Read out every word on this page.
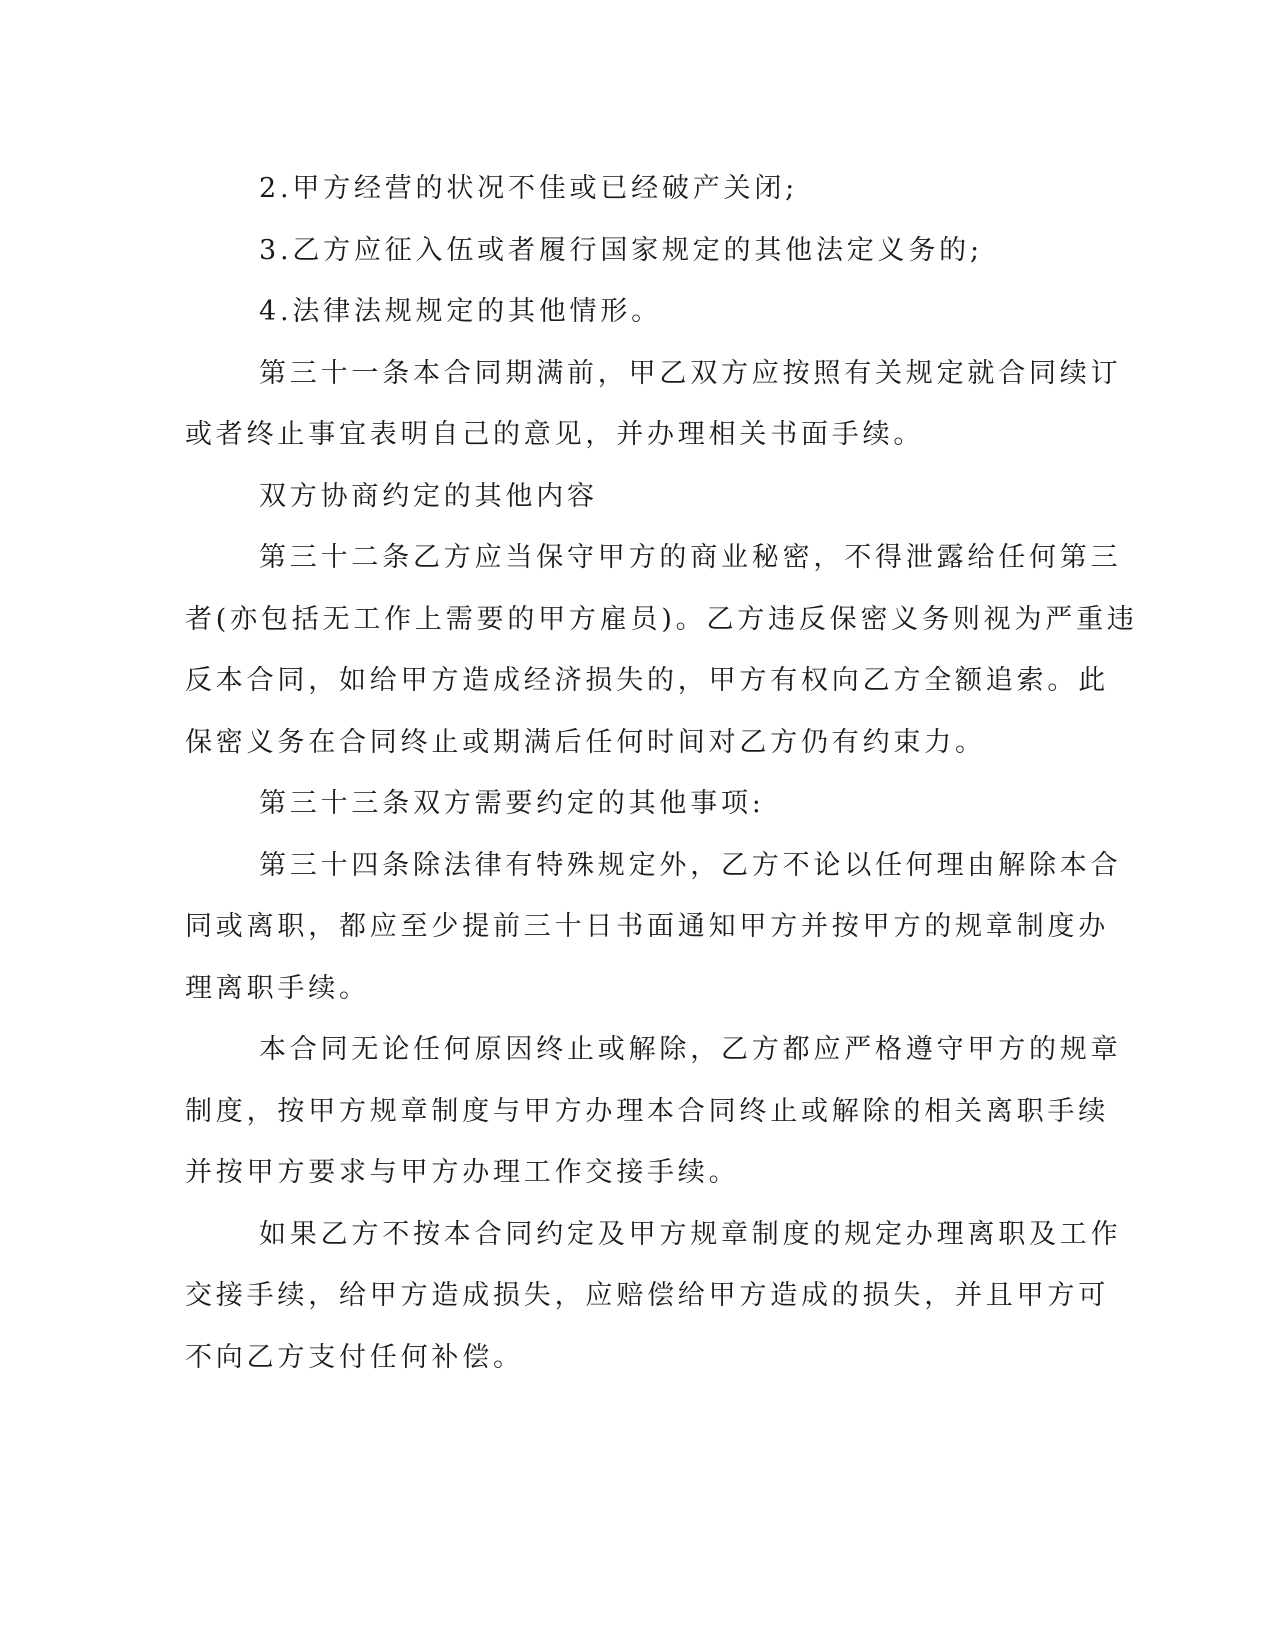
2.甲方经营的状况不佳或已经破产关闭;
3.乙方应征入伍或者履行国家规定的其他法定义务的;
4.法律法规规定的其他情形。
第三十一条本合同期满前，甲乙双方应按照有关规定就合同续订
或者终止事宜表明自己的意见，并办理相关书面手续。
双方协商约定的其他内容
第三十二条乙方应当保守甲方的商业秘密，不得泄露给任何第三
者(亦包括无工作上需要的甲方雇员)。乙方违反保密义务则视为严重违
反本合同，如给甲方造成经济损失的，甲方有权向乙方全额追索。此
保密义务在合同终止或期满后任何时间对乙方仍有约束力。
第三十三条双方需要约定的其他事项:
第三十四条除法律有特殊规定外，乙方不论以任何理由解除本合
同或离职，都应至少提前三十日书面通知甲方并按甲方的规章制度办
理离职手续。
本合同无论任何原因终止或解除，乙方都应严格遵守甲方的规章
制度，按甲方规章制度与甲方办理本合同终止或解除的相关离职手续
并按甲方要求与甲方办理工作交接手续。
如果乙方不按本合同约定及甲方规章制度的规定办理离职及工作
交接手续，给甲方造成损失，应赔偿给甲方造成的损失，并且甲方可
不向乙方支付任何补偿。
